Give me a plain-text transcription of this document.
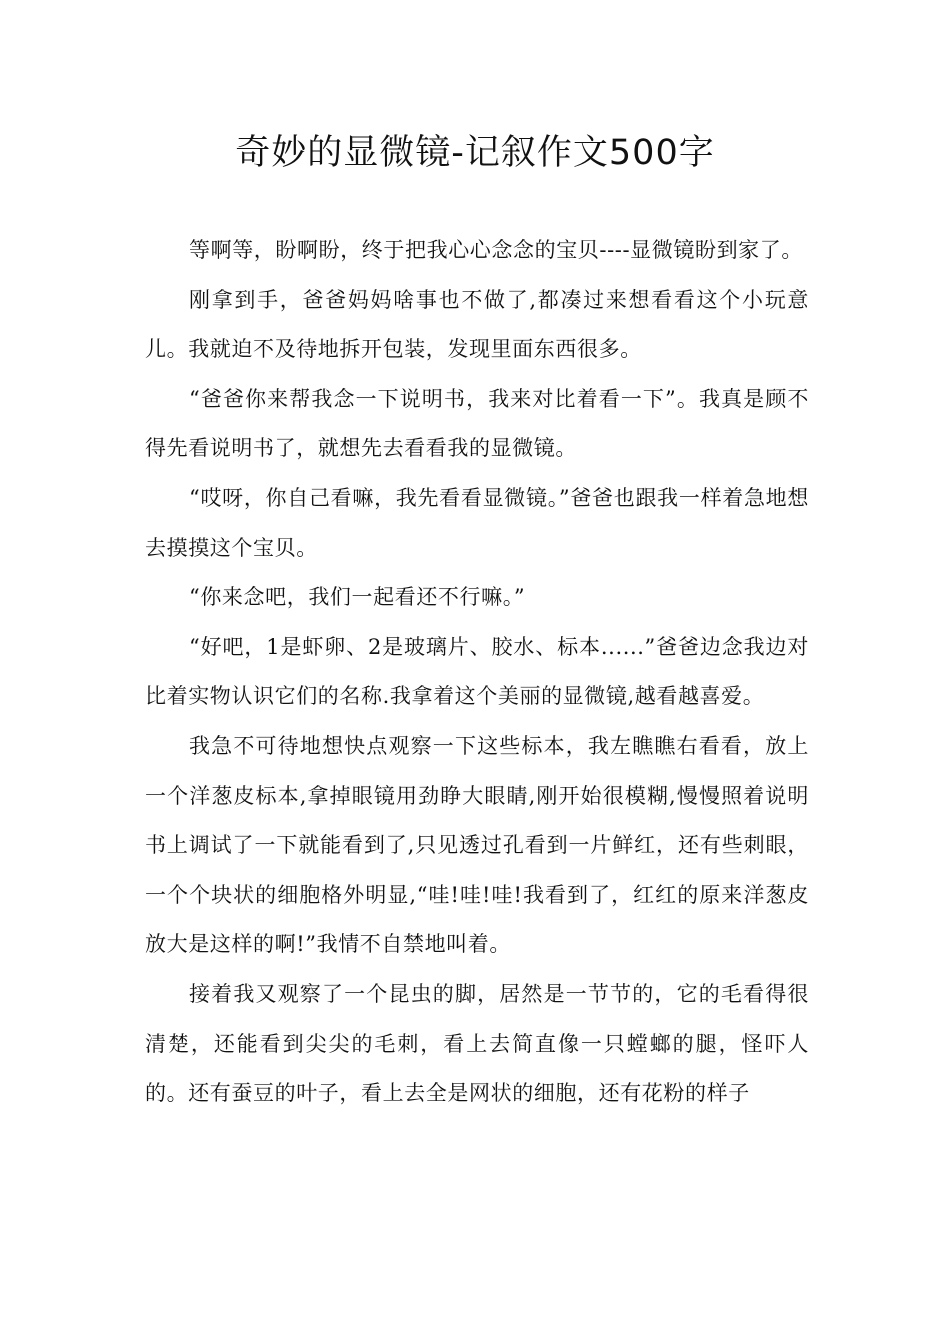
奇妙的显微镜-记叙作文500字

等啊等，盼啊盼，终于把我心心念念的宝贝----显微镜盼到家了。

刚拿到手，爸爸妈妈啥事也不做了,都凑过来想看看这个小玩意儿。我就迫不及待地拆开包装，发现里面东西很多。

“爸爸你来帮我念一下说明书，我来对比着看一下”。我真是顾不得先看说明书了，就想先去看看我的显微镜。

“哎呀，你自己看嘛，我先看看显微镜。”爸爸也跟我一样着急地想去摸摸这个宝贝。

“你来念吧，我们一起看还不行嘛。”

“好吧，1是虾卵、2是玻璃片、胶水、标本......”爸爸边念我边对比着实物认识它们的名称.我拿着这个美丽的显微镜,越看越喜爱。

我急不可待地想快点观察一下这些标本，我左瞧瞧右看看，放上一个洋葱皮标本,拿掉眼镜用劲睁大眼睛,刚开始很模糊,慢慢照着说明书上调试了一下就能看到了,只见透过孔看到一片鲜红，还有些刺眼，一个个块状的细胞格外明显,“哇!哇!哇!我看到了，红红的原来洋葱皮放大是这样的啊!”我情不自禁地叫着。

接着我又观察了一个昆虫的脚，居然是一节节的，它的毛看得很清楚，还能看到尖尖的毛刺，看上去简直像一只螳螂的腿，怪吓人的。还有蚕豆的叶子，看上去全是网状的细胞，还有花粉的样子
